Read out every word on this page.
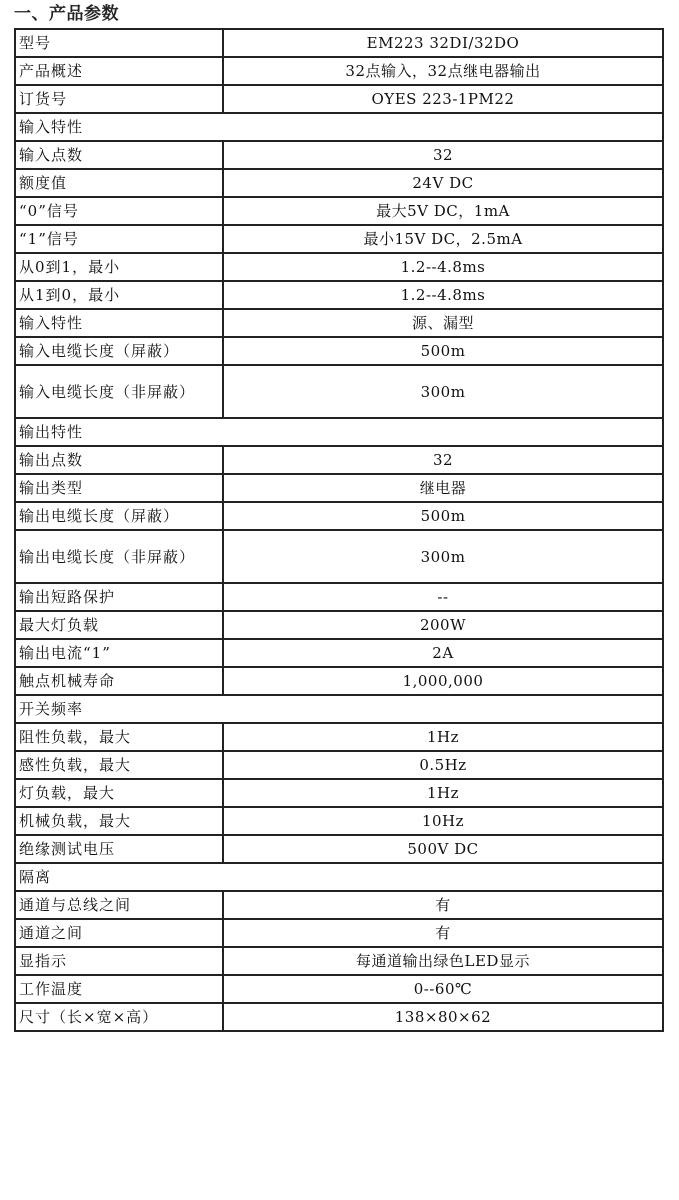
一、产品参数
型号	EM223 32DI/32DO
产品概述	32点输入，32点继电器输出
订货号	OYES 223-1PM22
输入特性	
输入点数	32
额度值	24V DC
“0”信号	最大5V DC，1mA
“1”信号	最小15V DC，2.5mA
从0到1，最小	1.2--4.8ms
从1到0，最小	1.2--4.8ms
输入特性	源、漏型
输入电缆长度（屏蔽）	500m
输入电缆长度（非屏蔽）	300m
输出特性	
输出点数	32
输出类型	继电器
输出电缆长度（屏蔽）	500m
输出电缆长度（非屏蔽）	300m
输出短路保护	--
最大灯负载	200W
输出电流“1”	2A
触点机械寿命	1,000,000
开关频率	
阻性负载，最大	1Hz
感性负载，最大	0.5Hz
灯负载，最大	1Hz
机械负载，最大	10Hz
绝缘测试电压	500V DC
隔离	
通道与总线之间	有
通道之间	有
显指示	每通道输出绿色LED显示
工作温度	0--60℃
尺寸（长×宽×高）	138×80×62
